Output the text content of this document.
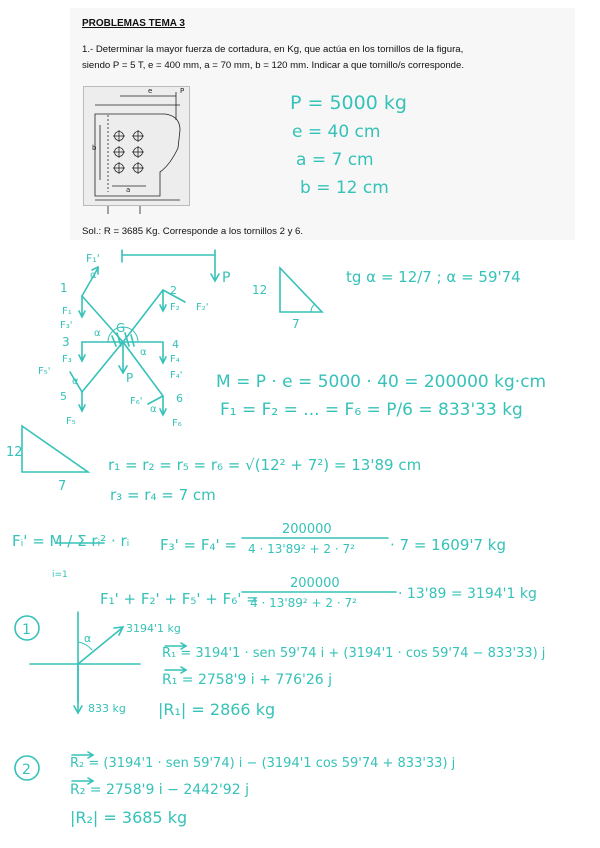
PROBLEMAS TEMA 3
1.- Determinar la mayor fuerza de cortadura, en Kg, que actúa en los tornillos de la figura,
siendo P = 5 T, e = 400 mm, a = 70 mm, b = 120 mm. Indicar a que tornillo/s corresponde.
e	P
b
a
P = 5000 kg
e = 40 cm
a = 7 cm
b = 12 cm
Sol.: R = 3685 Kg. Corresponde a los tornillos 2 y 6.
P
F₁'
α
1
F₁
F₃'
2
F₂ F₂'
3
F₃
G
α
α
4
F₄
F₄'
F₅'
α	P
5
F₅
F₆'
α
6
F₆
12
7
12
7
1
2
3194'1 kg
α
833 kg
tg α = 12/7 ; α = 59'74
M = P · e = 5000 · 40 = 200000 kg·cm
F₁ = F₂ = ... = F₆ = P/6 = 833'33 kg
r₁ = r₂ = r₅ = r₆ = √(12² + 7²) = 13'89 cm
r₃ = r₄ = 7 cm
Fᵢ' = M / Σ rᵢ² · rᵢ
i=1
F₃' = F₄' =
200000
4 · 13'89² + 2 · 7² · 7 = 1609'7 kg
F₁' + F₂' + F₅' + F₆' =
200000
4 · 13'89² + 2 · 7²
· 13'89 = 3194'1 kg
R₁ = 3194'1 · sen 59'74 i + (3194'1 · cos 59'74 − 833'33) j
R₁ = 2758'9 i + 776'26 j
|R₁| = 2866 kg
R₂ = (3194'1 · sen 59'74) i − (3194'1 cos 59'74 + 833'33) j
R₂ = 2758'9 i − 2442'92 j
|R₂| = 3685 kg
